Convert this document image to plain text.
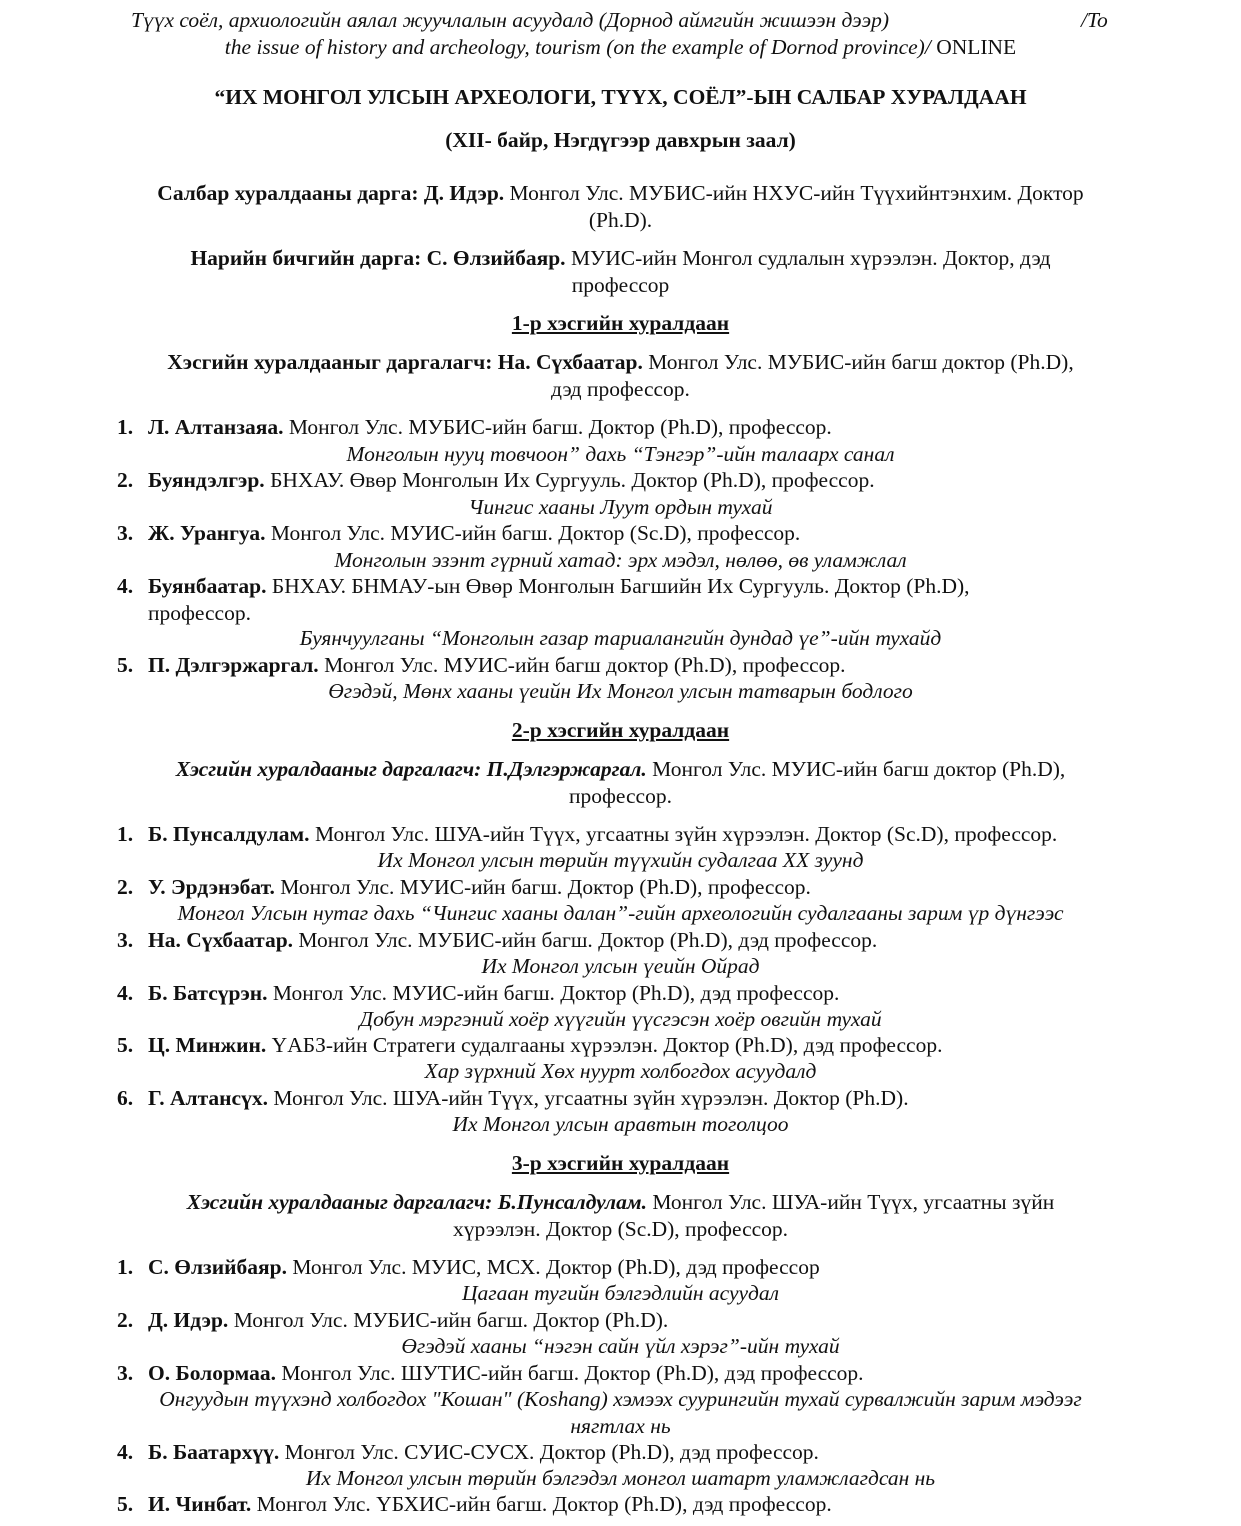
Түүх соёл, архиологийн аялал жуучлалын асуудалд (Дорнод аймгийн жишээн дээр)	/To
the issue of history and archeology, tourism (on the example of Dornod province)/ ONLINE
“ИХ МОНГОЛ УЛСЫН АРХЕОЛОГИ, ТҮҮХ, СОЁЛ”-ЫН САЛБАР ХУРАЛДААН
(XII- байр, Нэгдүгээр давхрын заал)
Салбар хуралдааны дарга: Д. Идэр. Монгол Улс. МУБИС-ийн НХУС-ийн Түүхийнтэнхим. Доктор
(Ph.D).
Нарийн бичгийн дарга: С. Өлзийбаяр. МУИС-ийн Монгол судлалын хүрээлэн. Доктор, дэд
профессор
1-р хэсгийн хуралдаан
Хэсгийн хуралдааныг даргалагч: На. Сүхбаатар. Монгол Улс. МУБИС-ийн багш доктор (Ph.D),
дэд профессор.
1. Л. Алтанзаяа. Монгол Улс. МУБИС-ийн багш. Доктор (Ph.D), профессор.
Монголын нууц товчоон” дахь “Тэнгэр”-ийн талаарх санал
2. Буяндэлгэр. БНХАУ. Өвөр Монголын Их Сургууль. Доктор (Ph.D), профессор.
Чингис хааны Луут ордын тухай
3. Ж. Урангуа. Монгол Улс. МУИС-ийн багш. Доктор (Sc.D), профессор.
Монголын эзэнт гүрний хатад: эрх мэдэл, нөлөө, өв уламжлал
4. Буянбаатар. БНХАУ. БНМАУ-ын Өвөр Монголын Багшийн Их Сургууль. Доктор (Ph.D),
профессор.
Буянчуулганы “Монголын газар тариалангийн дундад үе”-ийн тухайд
5. П. Дэлгэржаргал. Монгол Улс. МУИС-ийн багш доктор (Ph.D), профессор.
Өгэдэй, Мөнх хааны үеийн Их Монгол улсын татварын бодлого
2-р хэсгийн хуралдаан
Хэсгийн хуралдааныг даргалагч: П.Дэлгэржаргал. Монгол Улс. МУИС-ийн багш доктор (Ph.D),
профессор.
1. Б. Пунсалдулам. Монгол Улс. ШУА-ийн Түүх, угсаатны зүйн хүрээлэн. Доктор (Sc.D), профессор.
Их Монгол улсын төрийн түүхийн судалгаа XX зуунд
2. У. Эрдэнэбат. Монгол Улс. МУИС-ийн багш. Доктор (Ph.D), профессор.
Монгол Улсын нутаг дахь “Чингис хааны далан”-гийн археологийн судалгааны зарим үр дүнгээс
3. На. Сүхбаатар. Монгол Улс. МУБИС-ийн багш. Доктор (Ph.D), дэд профессор.
Их Монгол улсын үеийн Ойрад
4. Б. Батсүрэн. Монгол Улс. МУИС-ийн багш. Доктор (Ph.D), дэд профессор.
Добун мэргэний хоёр хүүгийн үүсгэсэн хоёр овгийн тухай
5. Ц. Минжин. ҮАБЗ-ийн Стратеги судалгааны хүрээлэн. Доктор (Ph.D), дэд профессор.
Хар зүрхний Хөх нуурт холбогдох асуудалд
6. Г. Алтансүх. Монгол Улс. ШУА-ийн Түүх, угсаатны зүйн хүрээлэн. Доктор (Ph.D).
Их Монгол улсын аравтын тоголцоо
3-р хэсгийн хуралдаан
Хэсгийн хуралдааныг даргалагч: Б.Пунсалдулам. Монгол Улс. ШУА-ийн Түүх, угсаатны зүйн
хүрээлэн. Доктор (Sc.D), профессор.
1. С. Өлзийбаяр. Монгол Улс. МУИС, МСХ. Доктор (Ph.D), дэд профессор
Цагаан тугийн бэлгэдлийн асуудал
2. Д. Идэр. Монгол Улс. МУБИС-ийн багш. Доктор (Ph.D).
Өгэдэй хааны “нэгэн сайн үйл хэрэг”-ийн тухай
3. О. Болормаа. Монгол Улс. ШУТИС-ийн багш. Доктор (Ph.D), дэд профессор.
Онгуудын түүхэнд холбогдох "Кошан" (Koshang) хэмээх суурингийн тухай сурвалжийн зарим мэдээг
нягтлах нь
4. Б. Баатархүү. Монгол Улс. СУИС-СУСХ. Доктор (Ph.D), дэд профессор.
Их Монгол улсын төрийн бэлгэдэл монгол шатарт уламжлагдсан нь
5. И. Чинбат. Монгол Улс. ҮБХИС-ийн багш. Доктор (Ph.D), дэд профессор.
